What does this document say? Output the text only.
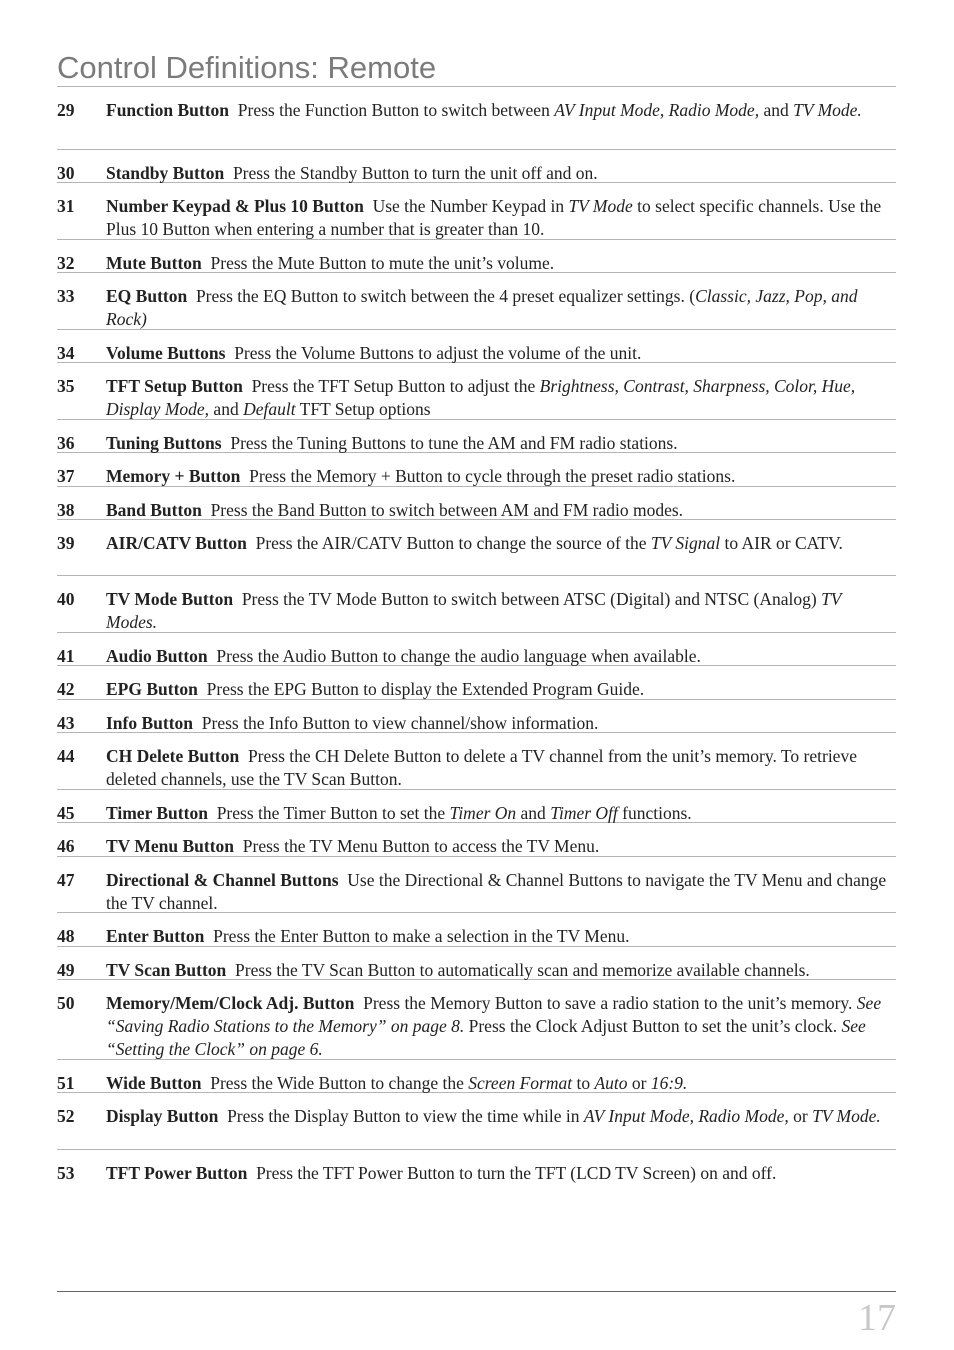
Control Definitions: Remote
29 Function Button Press the Function Button to switch between AV Input Mode, Radio Mode, and TV Mode.

30 Standby Button Press the Standby Button to turn the unit off and on.

31 Number Keypad & Plus 10 Button Use the Number Keypad in TV Mode to select specific channels. Use the Plus 10 Button when entering a number that is greater than 10.

32 Mute Button Press the Mute Button to mute the unit’s volume.

33 EQ Button Press the EQ Button to switch between the 4 preset equalizer settings. (Classic, Jazz, Pop, and Rock)

34 Volume Buttons Press the Volume Buttons to adjust the volume of the unit.

35 TFT Setup Button Press the TFT Setup Button to adjust the Brightness, Contrast, Sharpness, Color, Hue, Display Mode, and Default TFT Setup options

36 Tuning Buttons Press the Tuning Buttons to tune the AM and FM radio stations.

37 Memory + Button Press the Memory + Button to cycle through the preset radio stations.

38 Band Button Press the Band Button to switch between AM and FM radio modes.

39 AIR/CATV Button Press the AIR/CATV Button to change the source of the TV Signal to AIR or CATV.

40 TV Mode Button Press the TV Mode Button to switch between ATSC (Digital) and NTSC (Analog) TV Modes.

41 Audio Button Press the Audio Button to change the audio language when available.

42 EPG Button Press the EPG Button to display the Extended Program Guide.

43 Info Button Press the Info Button to view channel/show information.

44 CH Delete Button Press the CH Delete Button to delete a TV channel from the unit’s memory. To retrieve deleted channels, use the TV Scan Button.

45 Timer Button Press the Timer Button to set the Timer On and Timer Off functions.

46 TV Menu Button Press the TV Menu Button to access the TV Menu.

47 Directional & Channel Buttons Use the Directional & Channel Buttons to navigate the TV Menu and change the TV channel.

48 Enter Button Press the Enter Button to make a selection in the TV Menu.

49 TV Scan Button Press the TV Scan Button to automatically scan and memorize available channels.

50 Memory/Mem/Clock Adj. Button Press the Memory Button to save a radio station to the unit’s memory. See “Saving Radio Stations to the Memory” on page 8. Press the Clock Adjust Button to set the unit’s clock. See “Setting the Clock” on page 6.

51 Wide Button Press the Wide Button to change the Screen Format to Auto or 16:9.

52 Display Button Press the Display Button to view the time while in AV Input Mode, Radio Mode, or TV Mode.

53 TFT Power Button Press the TFT Power Button to turn the TFT (LCD TV Screen) on and off.

17
